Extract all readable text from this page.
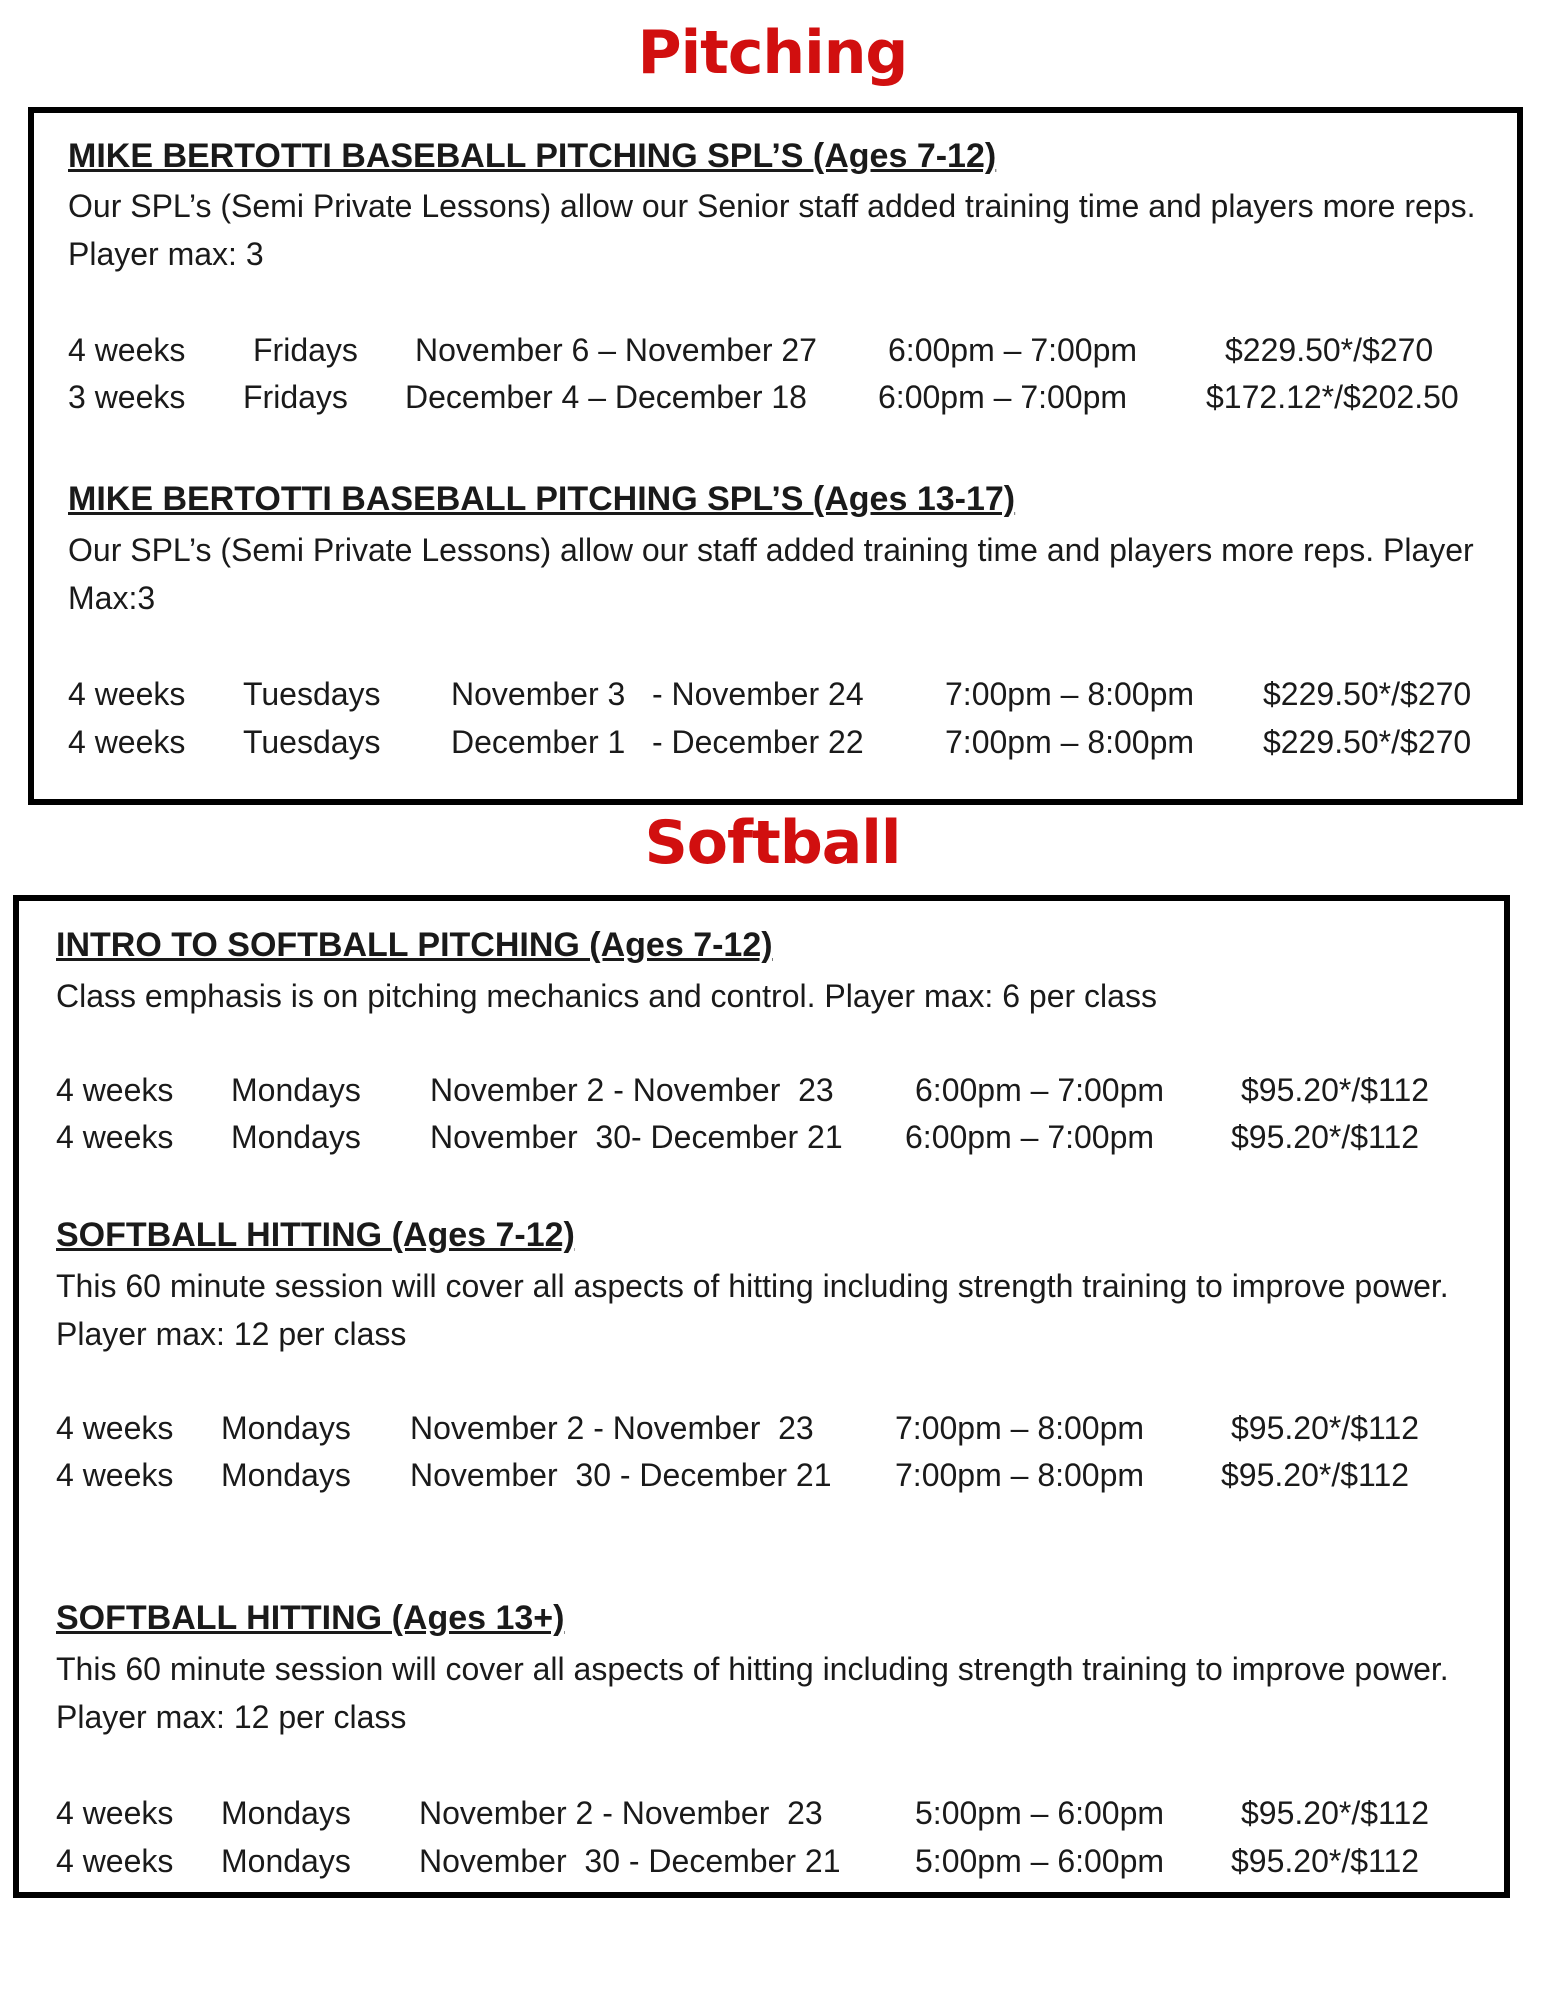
Pitching
MIKE BERTOTTI BASEBALL PITCHING SPL’S (Ages 7-12)
Our SPL’s (Semi Private Lessons) allow our Senior staff added training time and players more reps. Player max: 3
4 weeks Fridays November 6 – November 27 6:00pm – 7:00pm	$229.50*/$270
3 weeks Fridays December 4 – December 18 6:00pm – 7:00pm $172.12*/$202.50
MIKE BERTOTTI BASEBALL PITCHING SPL’S (Ages 13-17)
Our SPL’s (Semi Private Lessons) allow our staff added training time and players more reps. Player Max:3
4 weeks Tuesdays November 3   - November 24	7:00pm – 8:00pm $229.50*/$270
4 weeks Tuesdays December 1   - December 22	7:00pm – 8:00pm $229.50*/$270
Softball
INTRO TO SOFTBALL PITCHING (Ages 7-12)
Class emphasis is on pitching mechanics and control. Player max: 6 per class
4 weeks Mondays November 2 - November  23	6:00pm – 7:00pm $95.20*/$112
4 weeks Mondays November  30- December 21 6:00pm – 7:00pm $95.20*/$112
SOFTBALL HITTING (Ages 7-12)
This 60 minute session will cover all aspects of hitting including strength training to improve power. Player max: 12 per class
4 weeks Mondays November 2 - November  23	7:00pm – 8:00pm	$95.20*/$112
4 weeks Mondays November  30 - December 21 7:00pm – 8:00pm $95.20*/$112
SOFTBALL HITTING (Ages 13+)
This 60 minute session will cover all aspects of hitting including strength training to improve power. Player max: 12 per class
4 weeks Mondays November 2 - November  23	5:00pm – 6:00pm $95.20*/$112
4 weeks Mondays November  30 - December 21 5:00pm – 6:00pm $95.20*/$112
